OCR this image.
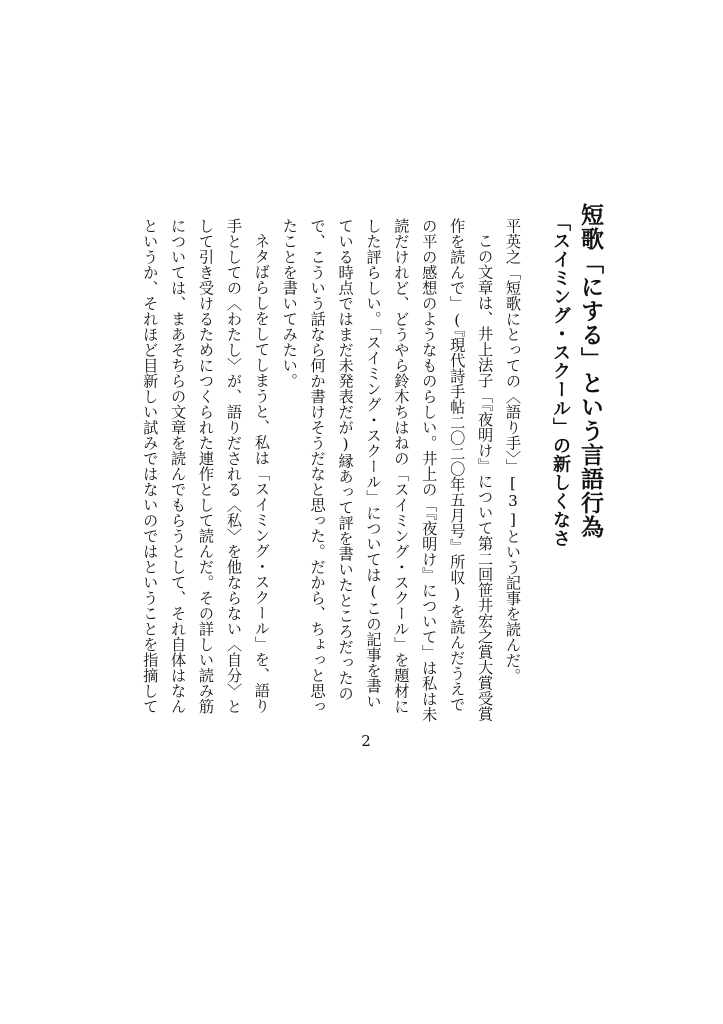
短歌「にする」という言語行為
「スイミング・スクール」の新しくなさ

平英之「短歌にとっての〈語り手〉」[3]という記事を読んだ。

この文章は、井上法子「『夜明け』について第二回笹井宏之賞大賞受賞作を読んで」(『現代詩手帖二〇二〇年五月号』所収)を読んだうえでの平の感想のようなものらしい。井上の「『夜明け』について」は私は未読だけれど、どうやら鈴木ちはねの「スイミング・スクール」を題材にした評らしい。「スイミング・スクール」については(この記事を書いている時点ではまだ未発表だが)縁あって評を書いたところだったので、こういう話なら何か書けそうだなと思った。だから、ちょっと思ったことを書いてみたい。

ネタばらしをしてしまうと、私は「スイミング・スクール」を、語り手としての〈わたし〉が、語りだされる〈私〉を他ならない〈自分〉として引き受けるためにつくられた連作として読んだ。その詳しい読み筋については、まあそちらの文章を読んでもらうとして、それ自体はなんというか、それほど目新しい試みではないのではということを指摘して

2
